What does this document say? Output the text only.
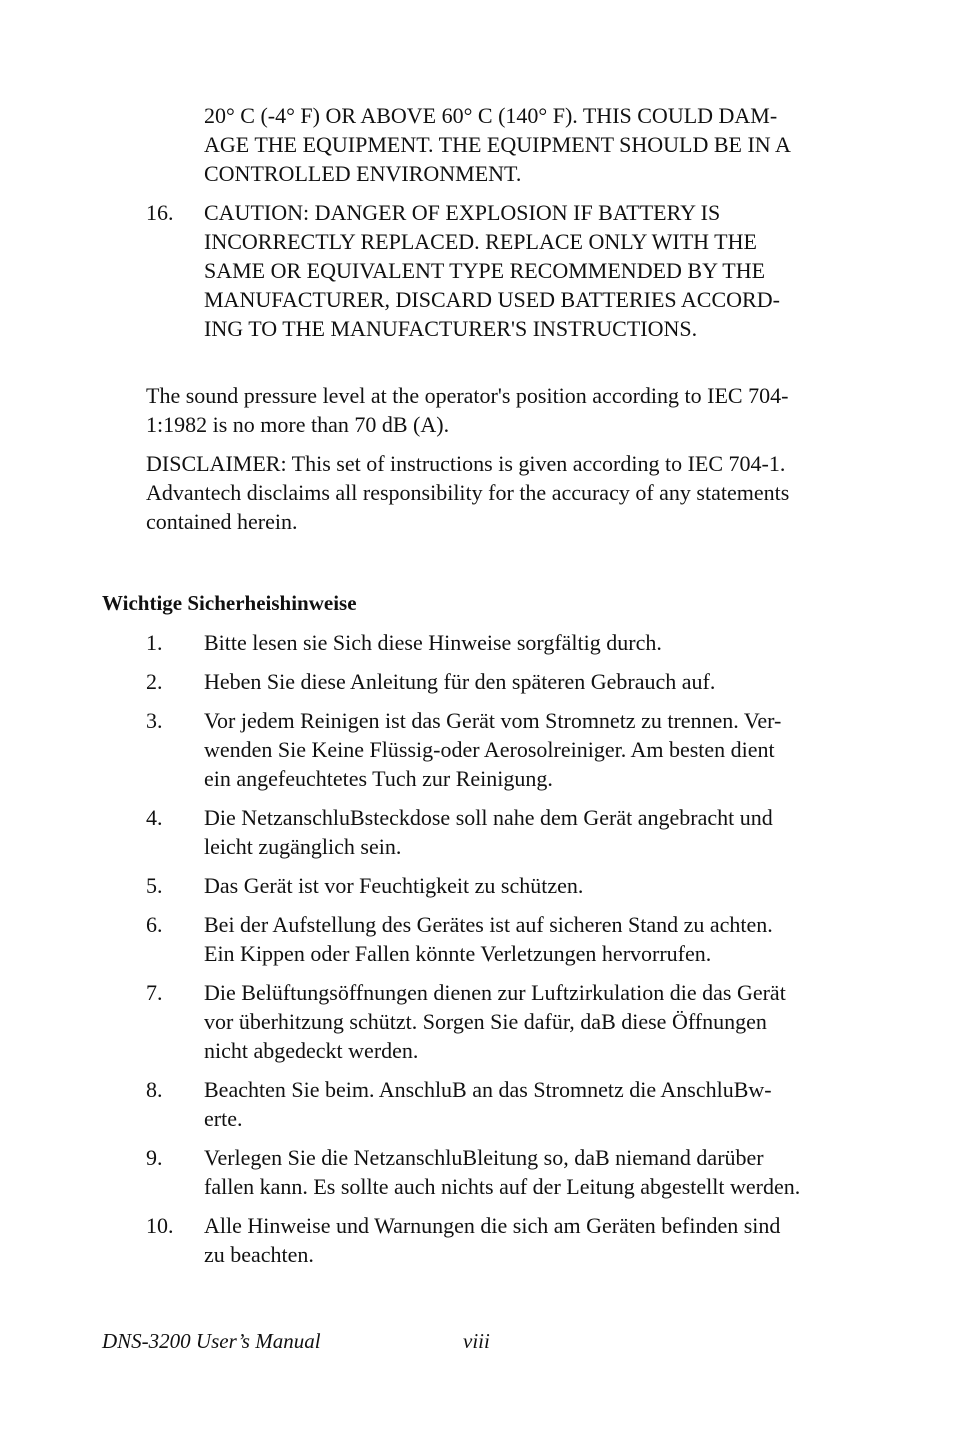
20° C (-4° F) OR ABOVE 60° C (140° F). THIS COULD DAM-
AGE THE EQUIPMENT. THE EQUIPMENT SHOULD BE IN A
CONTROLLED ENVIRONMENT.
16. CAUTION: DANGER OF EXPLOSION IF BATTERY IS
INCORRECTLY REPLACED. REPLACE ONLY WITH THE
SAME OR EQUIVALENT TYPE RECOMMENDED BY THE
MANUFACTURER, DISCARD USED BATTERIES ACCORD-
ING TO THE MANUFACTURER'S INSTRUCTIONS.
The sound pressure level at the operator's position according to IEC 704-
1:1982 is no more than 70 dB (A).
DISCLAIMER: This set of instructions is given according to IEC 704-1.
Advantech disclaims all responsibility for the accuracy of any statements
contained herein.
Wichtige Sicherheishinweise
1. Bitte lesen sie Sich diese Hinweise sorgfältig durch.
2. Heben Sie diese Anleitung für den späteren Gebrauch auf.
3. Vor jedem Reinigen ist das Gerät vom Stromnetz zu trennen. Ver-
wenden Sie Keine Flüssig-oder Aerosolreiniger. Am besten dient
ein angefeuchtetes Tuch zur Reinigung.
4. Die NetzanschluBsteckdose soll nahe dem Gerät angebracht und
leicht zugänglich sein.
5. Das Gerät ist vor Feuchtigkeit zu schützen.
6. Bei der Aufstellung des Gerätes ist auf sicheren Stand zu achten.
Ein Kippen oder Fallen könnte Verletzungen hervorrufen.
7. Die Belüftungsöffnungen dienen zur Luftzirkulation die das Gerät
vor überhitzung schützt. Sorgen Sie dafür, daB diese Öffnungen
nicht abgedeckt werden.
8. Beachten Sie beim. AnschluB an das Stromnetz die AnschluBw-
erte.
9. Verlegen Sie die NetzanschluBleitung so, daB niemand darüber
fallen kann. Es sollte auch nichts auf der Leitung abgestellt werden.
10. Alle Hinweise und Warnungen die sich am Geräten befinden sind
zu beachten.
DNS-3200 User’s Manual	viii
